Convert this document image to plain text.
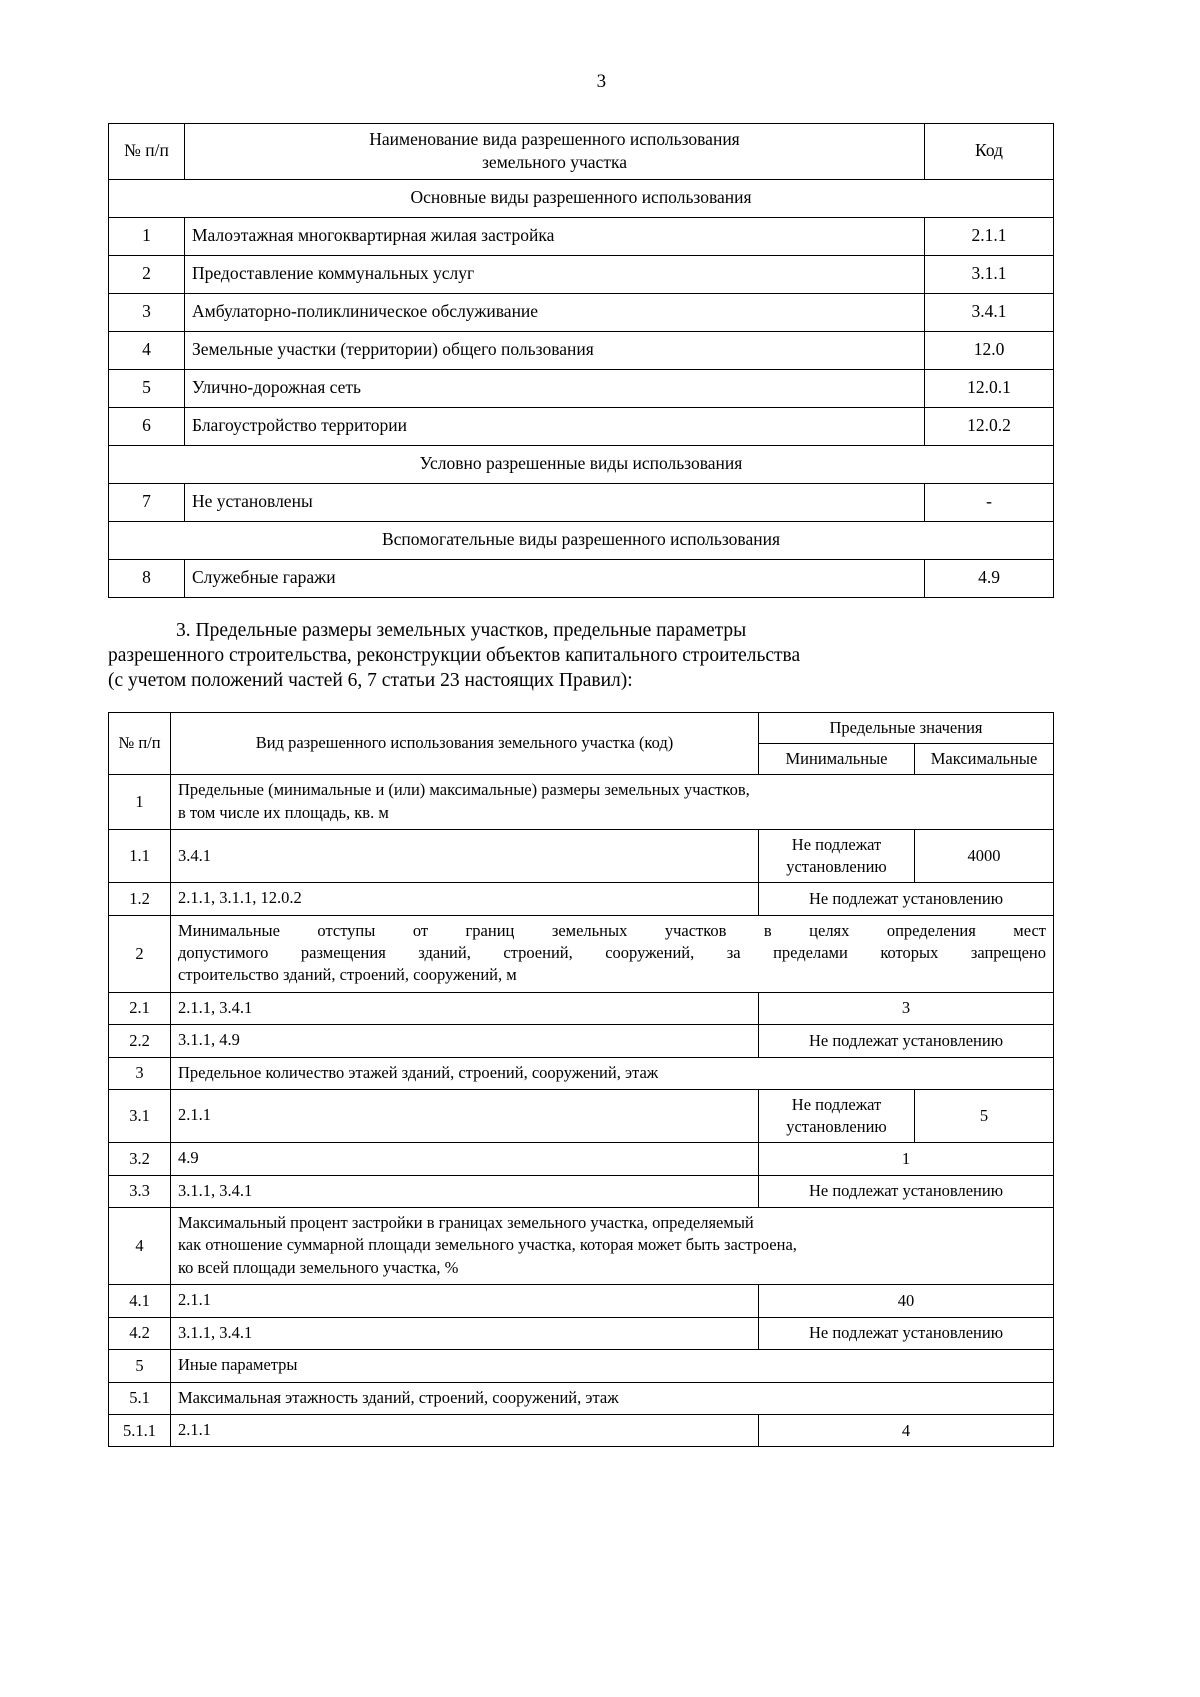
3
№ п/п	Наименование вида разрешенного использования
земельного участка	Код
Основные виды разрешенного использования		
1	Малоэтажная многоквартирная жилая застройка	2.1.1
2	Предоставление коммунальных услуг	3.1.1
3	Амбулаторно-поликлиническое обслуживание	3.4.1
4	Земельные участки (территории) общего пользования	12.0
5	Улично-дорожная сеть	12.0.1
6	Благоустройство территории	12.0.2
Условно разрешенные виды использования		
7	Не установлены	-
Вспомогательные виды разрешенного использования		
8	Служебные гаражи	4.9
3. Предельные размеры земельных участков, предельные параметры
разрешенного строительства, реконструкции объектов капитального строительства
(с учетом положений частей 6, 7 статьи 23 настоящих Правил):
№ п/п	Вид разрешенного использования земельного участка (код)	Предельные значения	
		Минимальные	Максимальные
1	Предельные (минимальные и (или) максимальные) размеры земельных участков,
в том числе их площадь, кв. м		

1.1	3.4.1	Не подлежат установлению	4000
1.2	2.1.1, 3.1.1, 12.0.2	Не подлежат установлению	
2	Минимальные отступы от границ земельных участков в целях определения мест
допустимого размещения зданий, строений, сооружений, за пределами которых запрещено
строительство зданий, строений, сооружений, м		

2.1	2.1.1, 3.4.1	3	
2.2	3.1.1, 4.9	Не подлежат установлению	
3	Предельное количество этажей зданий, строений, сооружений, этаж		
3.1	2.1.1	Не подлежат установлению	5
3.2	4.9	1	
3.3	3.1.1, 3.4.1	Не подлежат установлению	
4	Максимальный процент застройки в границах земельного участка, определяемый
как отношение суммарной площади земельного участка, которая может быть застроена,
ко всей площади земельного участка, %		

4.1	2.1.1	40	
4.2	3.1.1, 3.4.1	Не подлежат установлению	
5	Иные параметры		
5.1	Максимальная этажность зданий, строений, сооружений, этаж		
5.1.1	2.1.1	4	
